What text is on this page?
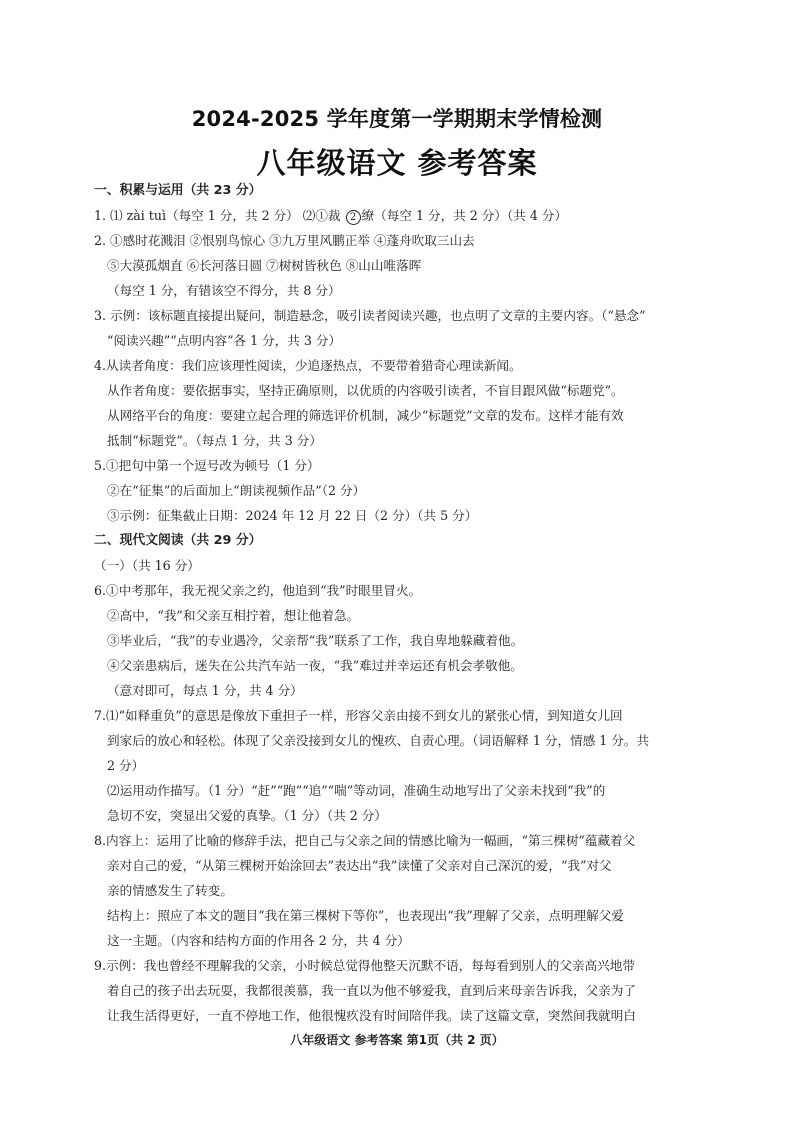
2024-2025 学年度第一学期期末学情检测
八年级语文 参考答案
一、积累与运用（共 23 分）
1. ⑴ zài tuì（每空 1 分，共 2 分） ⑵①裁 2 缭（每空 1 分，共 2 分）（共 4 分）
2. ①感时花溅泪 ②恨别鸟惊心 ③九万里风鹏正举 ④蓬舟吹取三山去
⑤大漠孤烟直 ⑥长河落日圆 ⑦树树皆秋色 ⑧山山唯落晖
（每空 1 分，有错该空不得分，共 8 分）
3. 示例：该标题直接提出疑问，制造悬念，吸引读者阅读兴趣，也点明了文章的主要内容。（“悬念”
“阅读兴趣”“点明内容”各 1 分，共 3 分）
4.从读者角度：我们应该理性阅读，少追逐热点，不要带着猎奇心理读新闻。
从作者角度：要依据事实，坚持正确原则，以优质的内容吸引读者，不盲目跟风做“标题党”。
从网络平台的角度：要建立起合理的筛选评价机制，减少“标题党”文章的发布。这样才能有效
抵制“标题党”。（每点 1 分，共 3 分）
5.①把句中第一个逗号改为顿号（1 分）
②在“征集”的后面加上“朗读视频作品”（2 分）
③示例：征集截止日期：2024 年 12 月 22 日（2 分）（共 5 分）
二、现代文阅读（共 29 分）
（一）（共 16 分）
6.①中考那年，我无视父亲之约，他追到“我”时眼里冒火。
②高中，“我”和父亲互相拧着，想让他着急。
③毕业后，“我”的专业遇冷，父亲帮“我”联系了工作，我自卑地躲藏着他。
④父亲患病后，迷失在公共汽车站一夜，“我”难过并幸运还有机会孝敬他。
（意对即可，每点 1 分，共 4 分）
7.⑴“如释重负”的意思是像放下重担子一样，形容父亲由接不到女儿的紧张心情，到知道女儿回
到家后的放心和轻松。体现了父亲没接到女儿的愧疚、自责心理。（词语解释 1 分，情感 1 分。共
2 分）
⑵运用动作描写。（1 分）“赶”“跑”“追”“喘”等动词，准确生动地写出了父亲未找到“我”的
急切不安，突显出父爱的真挚。（1 分）（共 2 分）
8.内容上：运用了比喻的修辞手法，把自己与父亲之间的情感比喻为一幅画，“第三棵树”蕴藏着父
亲对自己的爱，“从第三棵树开始涂回去”表达出“我”读懂了父亲对自己深沉的爱，“我”对父
亲的情感发生了转变。
结构上：照应了本文的题目“我在第三棵树下等你”，也表现出“我”理解了父亲，点明理解父爱
这一主题。（内容和结构方面的作用各 2 分，共 4 分）
9.示例：我也曾经不理解我的父亲，小时候总觉得他整天沉默不语，每每看到别人的父亲高兴地带
着自己的孩子出去玩耍，我都很羡慕，我一直以为他不够爱我，直到后来母亲告诉我，父亲为了
让我生活得更好，一直不停地工作，他很愧疚没有时间陪伴我。读了这篇文章，突然间我就明白
八年级语文 参考答案 第1页（共 2 页）
